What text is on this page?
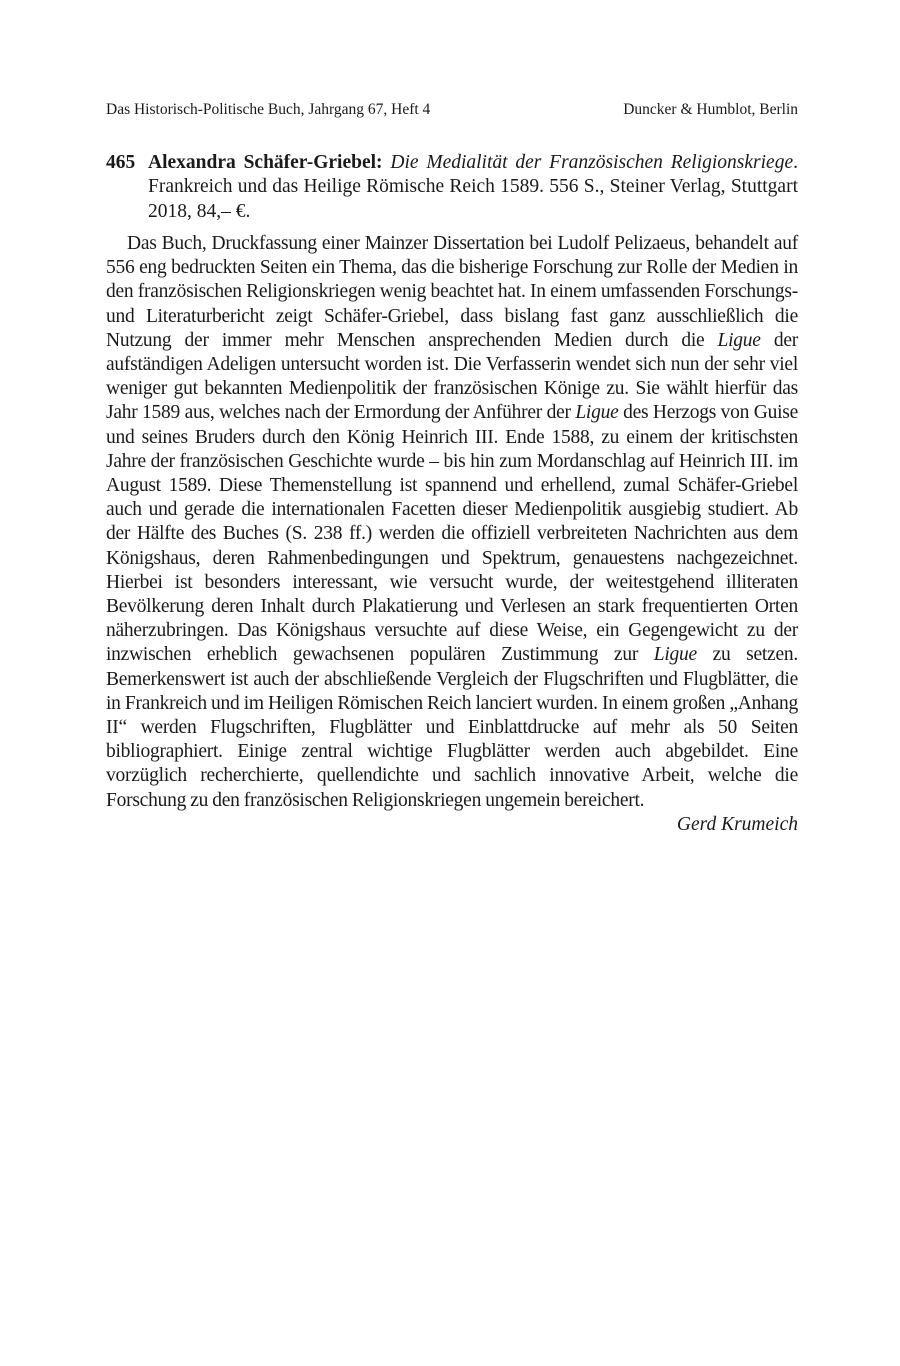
Das Historisch-Politische Buch, Jahrgang 67, Heft 4	Duncker & Humblot, Berlin

465 Alexandra Schäfer-Griebel: Die Medialität der Französischen Religionskriege. Frankreich und das Heilige Römische Reich 1589. 556 S., Steiner Verlag, Stuttgart 2018, 84,– €.

Das Buch, Druckfassung einer Mainzer Dissertation bei Ludolf Pelizaeus, behandelt auf 556 eng bedruckten Seiten ein Thema, das die bisherige Forschung zur Rolle der Medien in den französischen Religionskriegen wenig beachtet hat. In einem umfassenden Forschungs- und Literaturbericht zeigt Schäfer-Griebel, dass bislang fast ganz ausschließlich die Nutzung der immer mehr Menschen ansprechenden Medien durch die Ligue der aufständigen Adeligen untersucht worden ist. Die Verfasserin wendet sich nun der sehr viel weniger gut bekannten Medienpolitik der französischen Könige zu. Sie wählt hierfür das Jahr 1589 aus, welches nach der Ermordung der Anführer der Ligue des Herzogs von Guise und seines Bruders durch den König Heinrich III. Ende 1588, zu einem der kritischsten Jahre der französischen Geschichte wurde – bis hin zum Mordanschlag auf Heinrich III. im August 1589. Diese Themenstellung ist spannend und erhellend, zumal Schäfer-Griebel auch und gerade die internationalen Facetten dieser Medienpolitik ausgiebig studiert. Ab der Hälfte des Buches (S. 238 ff.) werden die offiziell verbreiteten Nachrichten aus dem Königshaus, deren Rahmenbedingungen und Spektrum, genauestens nachgezeichnet. Hierbei ist besonders interessant, wie versucht wurde, der weitestgehend illiteraten Bevölkerung deren Inhalt durch Plakatierung und Verlesen an stark frequentierten Orten näherzubringen. Das Königshaus versuchte auf diese Weise, ein Gegengewicht zu der inzwischen erheblich gewachsenen populären Zustimmung zur Ligue zu setzen. Bemerkenswert ist auch der abschließende Vergleich der Flugschriften und Flugblätter, die in Frankreich und im Heiligen Römischen Reich lanciert wurden. In einem großen „Anhang II“ werden Flugschriften, Flugblätter und Einblattdrucke auf mehr als 50 Seiten bibliographiert. Einige zentral wichtige Flugblätter werden auch abgebildet. Eine vorzüglich recherchierte, quellendichte und sachlich innovative Arbeit, welche die Forschung zu den französischen Religionskriegen ungemein bereichert.

Gerd Krumeich
